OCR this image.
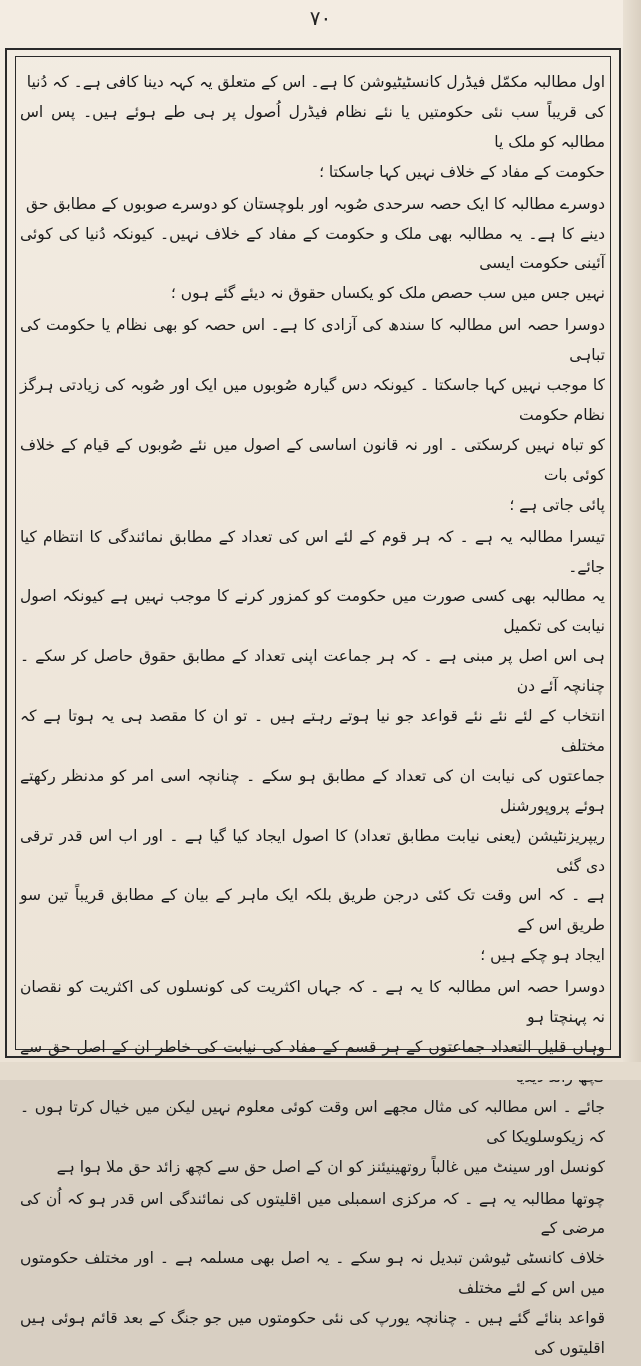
۷۰

اول مطالبہ مکمّل فیڈرل کانسٹیٹیوشن کا ہے۔ اس کے متعلق یہ کہہ دینا کافی ہے۔ کہ دُنیا

کی قریباً سب نئی حکومتیں یا نئے نظام فیڈرل اُصول پر ہی طے ہوئے ہیں۔ پس اس مطالبہ کو ملک یا

حکومت کے مفاد کے خلاف نہیں کہا جاسکتا ؛

دوسرے مطالبہ کا ایک حصہ سرحدی صُوبہ اور بلوچستان کو دوسرے صوبوں کے مطابق حق

دینے کا ہے۔ یہ مطالبہ بھی ملک و حکومت کے مفاد کے خلاف نہیں۔ کیونکہ دُنیا کی کوئی آئینی حکومت ایسی

نہیں جس میں سب حصص ملک کو یکساں حقوق نہ دیئے گئے ہوں ؛

دوسرا حصہ اس مطالبہ کا سندھ کی آزادی کا ہے۔ اس حصہ کو بھی نظام یا حکومت کی تباہی

کا موجب نہیں کہا جاسکتا ۔ کیونکہ دس گیارہ صُوبوں میں ایک اور صُوبہ کی زیادتی ہرگز نظام حکومت

کو تباہ نہیں کرسکتی ۔ اور نہ قانون اساسی کے اصول میں نئے صُوبوں کے قیام کے خلاف کوئی بات

پائی جاتی ہے ؛

تیسرا مطالبہ یہ ہے ۔ کہ ہر قوم کے لئے اس کی تعداد کے مطابق نمائندگی کا انتظام کیا جائے۔

یہ مطالبہ بھی کسی صورت میں حکومت کو کمزور کرنے کا موجب نہیں ہے کیونکہ اصول نیابت کی تکمیل

ہی اس اصل پر مبنی ہے ۔ کہ ہر جماعت اپنی تعداد کے مطابق حقوق حاصل کر سکے ۔ چنانچہ آئے دن

انتخاب کے لئے نئے نئے قواعد جو نیا ہوتے رہتے ہیں ۔ تو ان کا مقصد ہی یہ ہوتا ہے کہ مختلف

جماعتوں کی نیابت ان کی تعداد کے مطابق ہو سکے ۔ چنانچہ اسی امر کو مدنظر رکھتے ہوئے پروپورشنل

ریپریزنٹیشن (یعنی نیابت مطابق تعداد) کا اصول ایجاد کیا گیا ہے ۔ اور اب اس قدر ترقی دی گئی

ہے ۔ کہ اس وقت تک کئی درجن طریق بلکہ ایک ماہر کے بیان کے مطابق قریباً تین سو طریق اس کے

ایجاد ہو چکے ہیں ؛

دوسرا حصہ اس مطالبہ کا یہ ہے ۔ کہ جہاں اکثریت کی کونسلوں کی اکثریت کو نقصان نہ پہنچتا ہو

وہاں قلیل التعداد جماعتوں کے ہر قسم کے مفاد کی نیابت کی خاطر ان کے اصل حق سے

جائے ۔ اس مطالبہ کی مثال مجھے اس وقت کوئی معلوم نہیں لیکن میں خیال کرتا ہوں ۔ کہ زیکوسلویکا کی

کونسل اور سینٹ میں غالباً روتھینیئنز کو ان کے اصل حق سے کچھ زائد حق ملا ہوا ہے

چوتھا مطالبہ یہ ہے ۔ کہ مرکزی اسمبلی میں اقلیتوں کی نمائندگی اس قدر ہو کہ اُن کی مرضی کے

خلاف کانسٹی ٹیوشن تبدیل نہ ہو سکے ۔ یہ اصل بھی مسلمہ ہے ۔ اور مختلف حکومتوں میں اس کے لئے مختلف

قواعد بنائے گئے ہیں ۔ چنانچہ یورپ کی نئی حکومتوں میں جو جنگ کے بعد قائم ہوئی ہیں اقلیتوں کی
